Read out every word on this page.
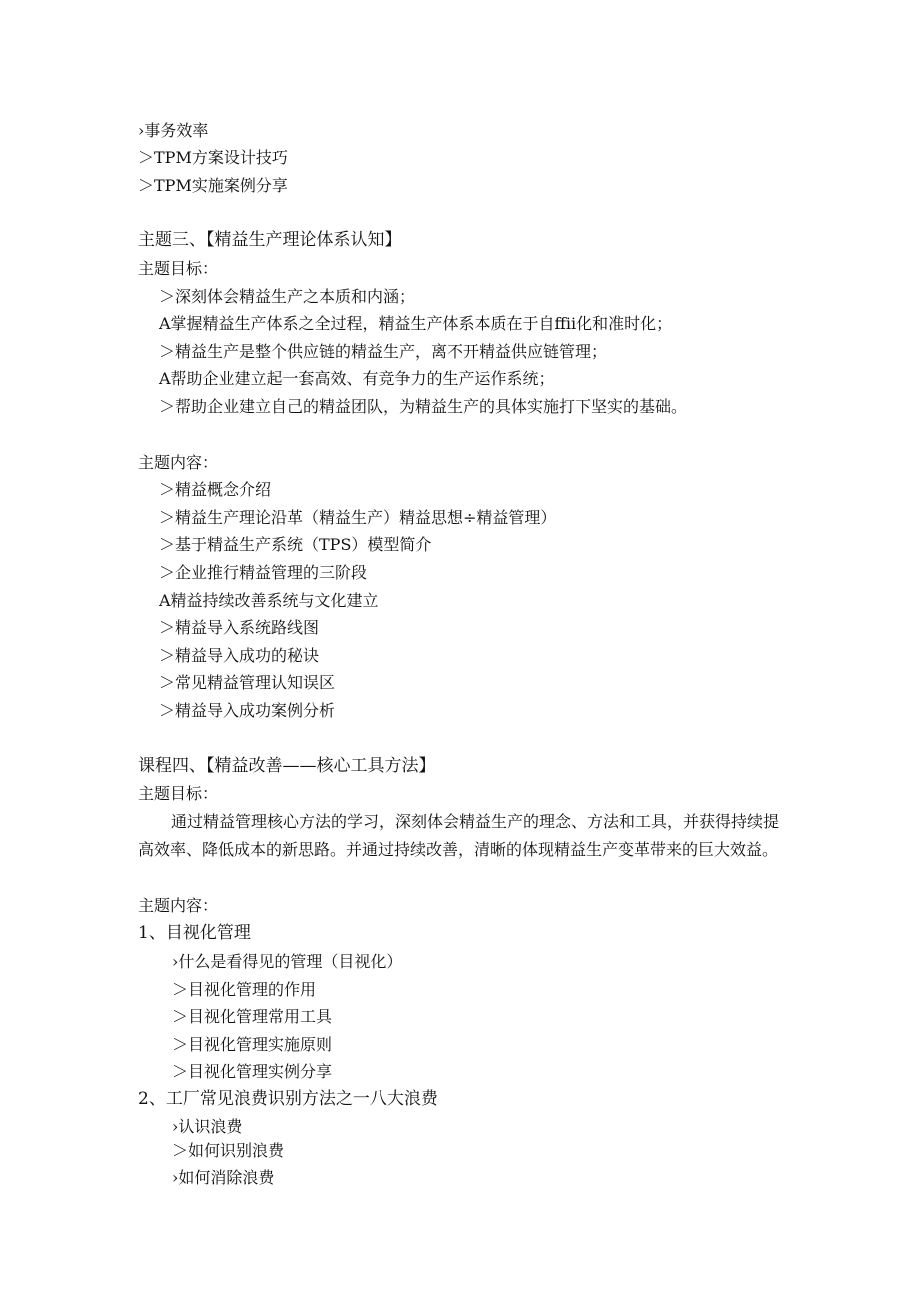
›事务效率
＞TPM方案设计技巧
＞TPM实施案例分享
主题三、【精益生产理论体系认知】
主题目标：
＞深刻体会精益生产之本质和内涵；
A掌握精益生产体系之全过程，精益生产体系本质在于自ffii化和准时化；
＞精益生产是整个供应链的精益生产，离不开精益供应链管理；
A帮助企业建立起一套高效、有竞争力的生产运作系统；
＞帮助企业建立自己的精益团队，为精益生产的具体实施打下坚实的基础。
主题内容：
＞精益概念介绍
＞精益生产理论沿革（精益生产）精益思想÷精益管理）
＞基于精益生产系统（TPS）模型简介
＞企业推行精益管理的三阶段
A精益持续改善系统与文化建立
＞精益导入系统路线图
＞精益导入成功的秘诀
＞常见精益管理认知误区
＞精益导入成功案例分析
课程四、【精益改善——核心工具方法】
主题目标：
通过精益管理核心方法的学习，深刻体会精益生产的理念、方法和工具，并获得持续提高效率、降低成本的新思路。并通过持续改善，清晰的体现精益生产变革带来的巨大效益。
主题内容：
1、目视化管理
›什么是看得见的管理（目视化）
＞目视化管理的作用
＞目视化管理常用工具
＞目视化管理实施原则
＞目视化管理实例分享
2、工厂常见浪费识别方法之一八大浪费
›认识浪费
＞如何识别浪费
›如何消除浪费
